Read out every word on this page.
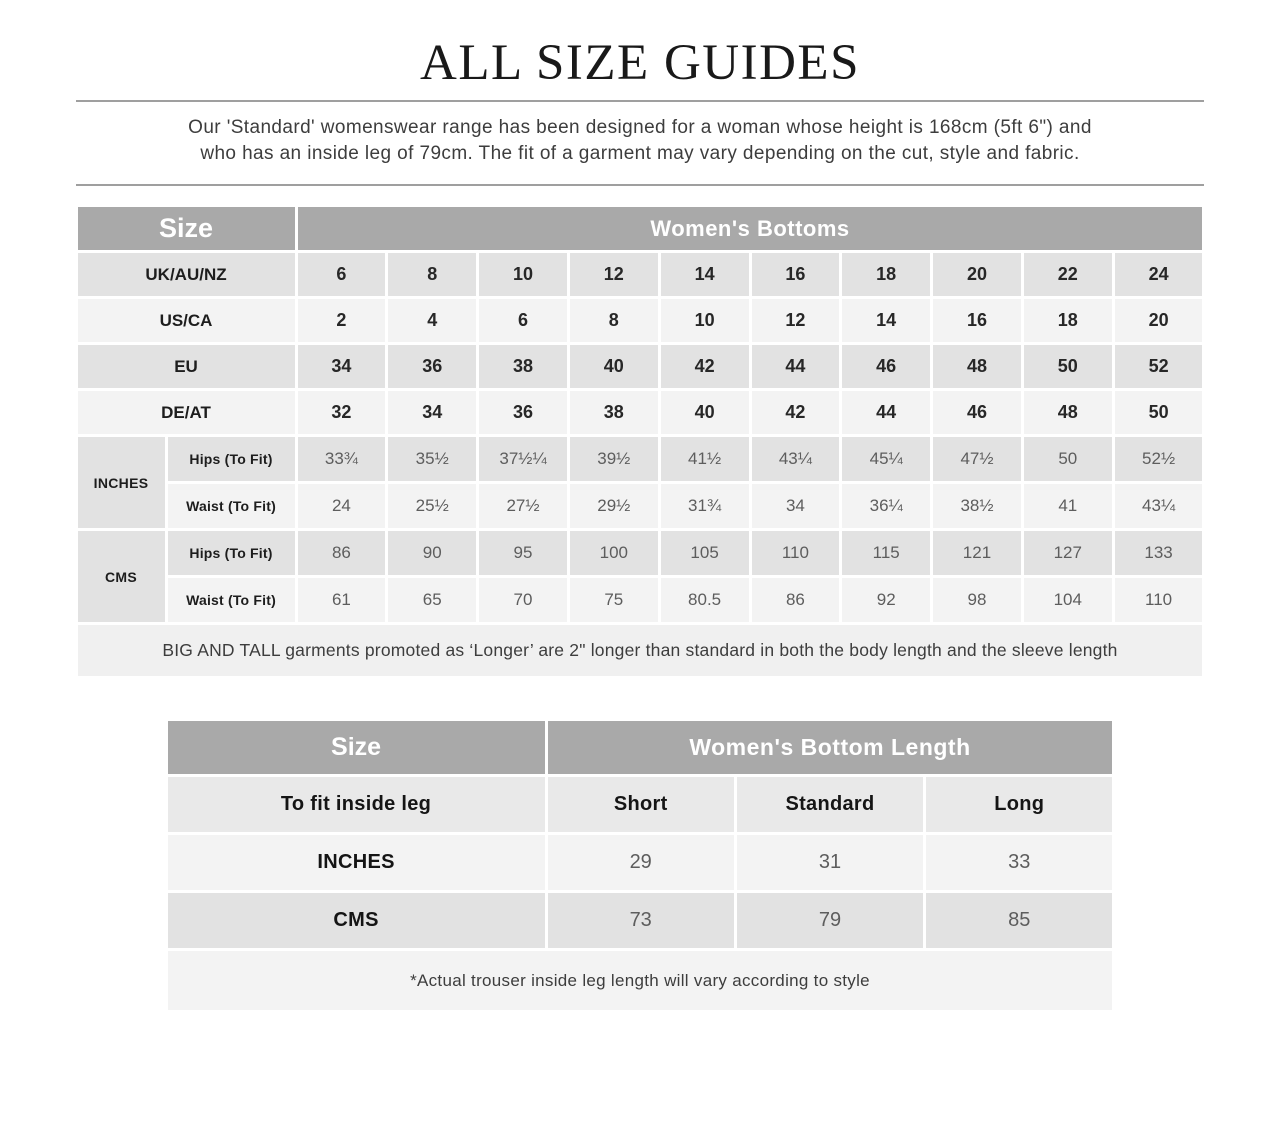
ALL SIZE GUIDES
Our 'Standard' womenswear range has been designed for a woman whose height is 168cm (5ft 6") and
who has an inside leg of 79cm. The fit of a garment may vary depending on the cut, style and fabric.
Size		Women's Bottoms									
UK/AU/NZ		6	8	10	12	14	16	18	20	22	24
US/CA		2	4	6	8	10	12	14	16	18	20
EU		34	36	38	40	42	44	46	48	50	52
DE/AT		32	34	36	38	40	42	44	46	48	50
INCHES	Hips (To Fit)	33¾	35½	37½¼	39½	41½	43¼	45¼	47½	50	52½
	Waist (To Fit)	24	25½	27½	29½	31¾	34	36¼	38½	41	43¼
CMS	Hips (To Fit)	86	90	95	100	105	110	115	121	127	133
	Waist (To Fit)	61	65	70	75	80.5	86	92	98	104	110
BIG AND TALL garments promoted as ‘Longer’ are 2" longer than standard in both the body length and the sleeve length											
Size	Women's Bottom Length		
To fit inside leg	Short	Standard	Long
INCHES	29	31	33
CMS	73	79	85
*Actual trouser inside leg length will vary according to style			
